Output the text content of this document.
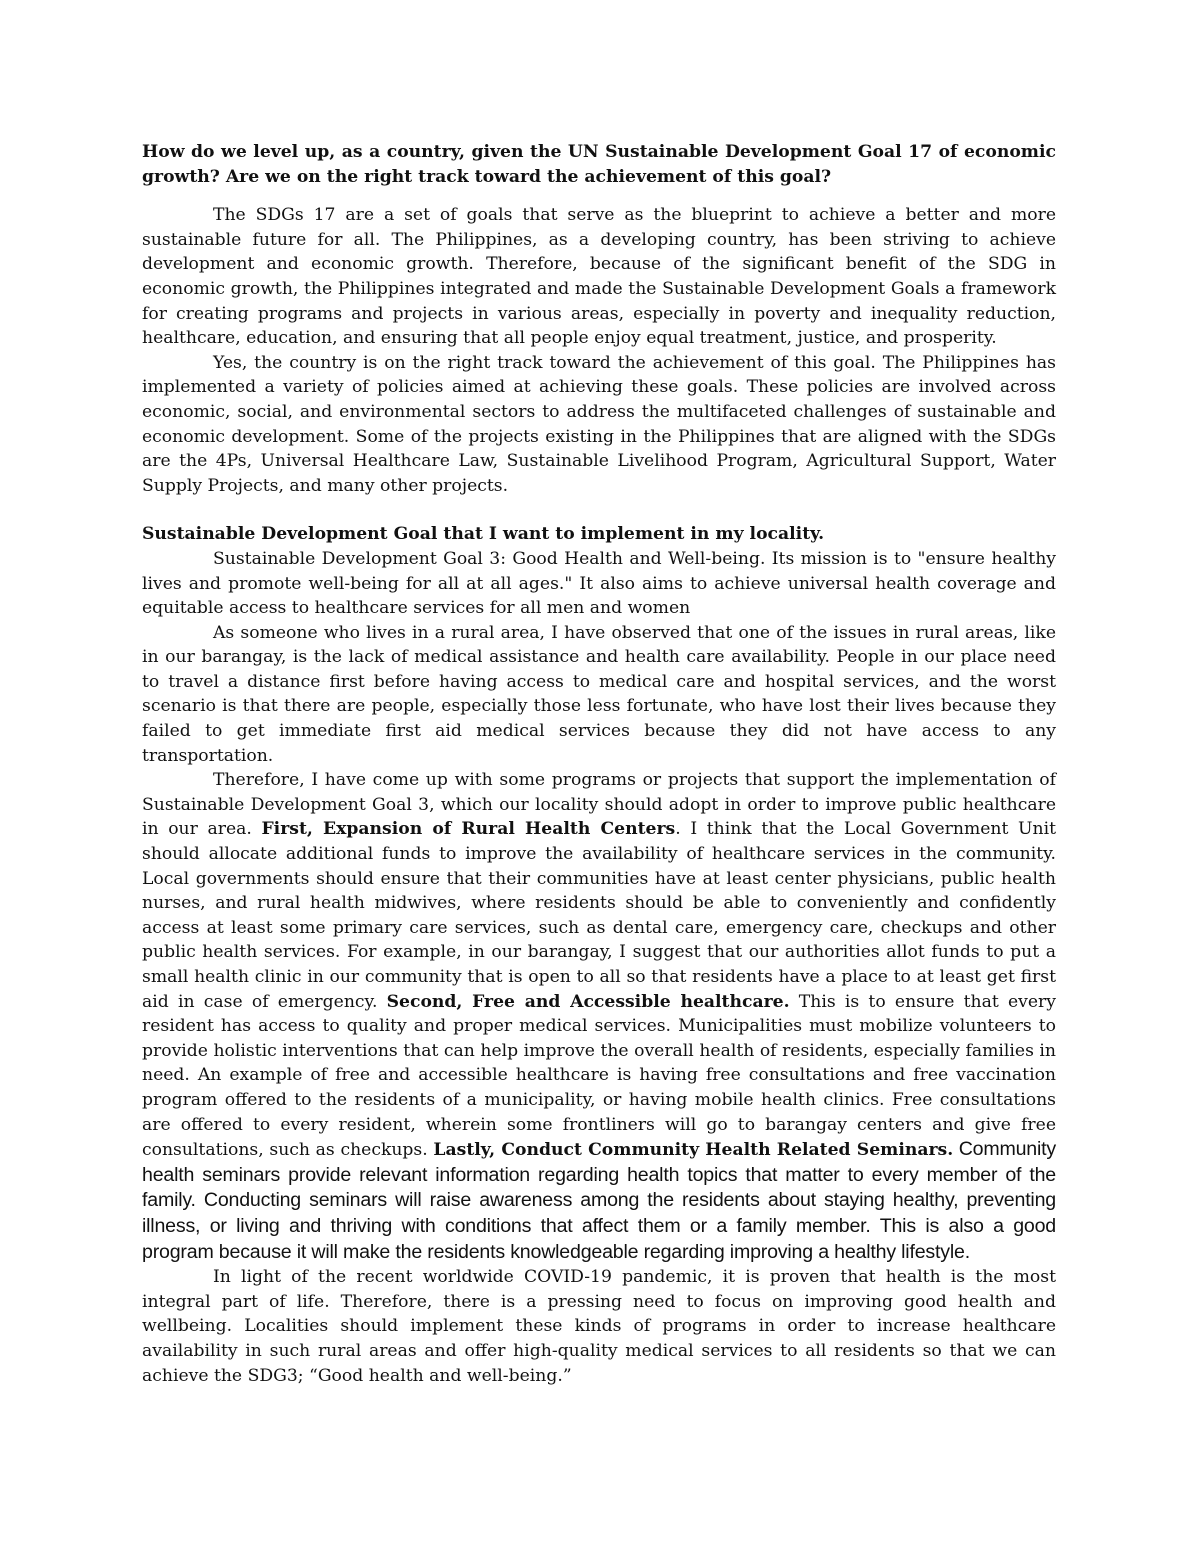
How do we level up, as a country, given the UN Sustainable Development Goal 17 of economic growth? Are we on the right track toward the achievement of this goal?

The SDGs 17 are a set of goals that serve as the blueprint to achieve a better and more sustainable future for all. The Philippines, as a developing country, has been striving to achieve development and economic growth. Therefore, because of the significant benefit of the SDG in economic growth, the Philippines integrated and made the Sustainable Development Goals a framework for creating programs and projects in various areas, especially in poverty and inequality reduction, healthcare, education, and ensuring that all people enjoy equal treatment, justice, and prosperity.

Yes, the country is on the right track toward the achievement of this goal. The Philippines has implemented a variety of policies aimed at achieving these goals. These policies are involved across economic, social, and environmental sectors to address the multifaceted challenges of sustainable and economic development. Some of the projects existing in the Philippines that are aligned with the SDGs are the 4Ps, Universal Healthcare Law, Sustainable Livelihood Program, Agricultural Support, Water Supply Projects, and many other projects.

Sustainable Development Goal that I want to implement in my locality.

Sustainable Development Goal 3: Good Health and Well-being. Its mission is to "ensure healthy lives and promote well-being for all at all ages." It also aims to achieve universal health coverage and equitable access to healthcare services for all men and women

As someone who lives in a rural area, I have observed that one of the issues in rural areas, like in our barangay, is the lack of medical assistance and health care availability. People in our place need to travel a distance first before having access to medical care and hospital services, and the worst scenario is that there are people, especially those less fortunate, who have lost their lives because they failed to get immediate first aid medical services because they did not have access to any transportation.

Therefore, I have come up with some programs or projects that support the implementation of Sustainable Development Goal 3, which our locality should adopt in order to improve public healthcare in our area. First, Expansion of Rural Health Centers. I think that the Local Government Unit should allocate additional funds to improve the availability of healthcare services in the community. Local governments should ensure that their communities have at least center physicians, public health nurses, and rural health midwives, where residents should be able to conveniently and confidently access at least some primary care services, such as dental care, emergency care, checkups and other public health services. For example, in our barangay, I suggest that our authorities allot funds to put a small health clinic in our community that is open to all so that residents have a place to at least get first aid in case of emergency. Second, Free and Accessible healthcare. This is to ensure that every resident has access to quality and proper medical services. Municipalities must mobilize volunteers to provide holistic interventions that can help improve the overall health of residents, especially families in need. An example of free and accessible healthcare is having free consultations and free vaccination program offered to the residents of a municipality, or having mobile health clinics. Free consultations are offered to every resident, wherein some frontliners will go to barangay centers and give free consultations, such as checkups. Lastly, Conduct Community Health Related Seminars. Community health seminars provide relevant information regarding health topics that matter to every member of the family. Conducting seminars will raise awareness among the residents about staying healthy, preventing illness, or living and thriving with conditions that affect them or a family member. This is also a good program because it will make the residents knowledgeable regarding improving a healthy lifestyle.

In light of the recent worldwide COVID-19 pandemic, it is proven that health is the most integral part of life. Therefore, there is a pressing need to focus on improving good health and wellbeing. Localities should implement these kinds of programs in order to increase healthcare availability in such rural areas and offer high-quality medical services to all residents so that we can achieve the SDG3; “Good health and well-being.”
